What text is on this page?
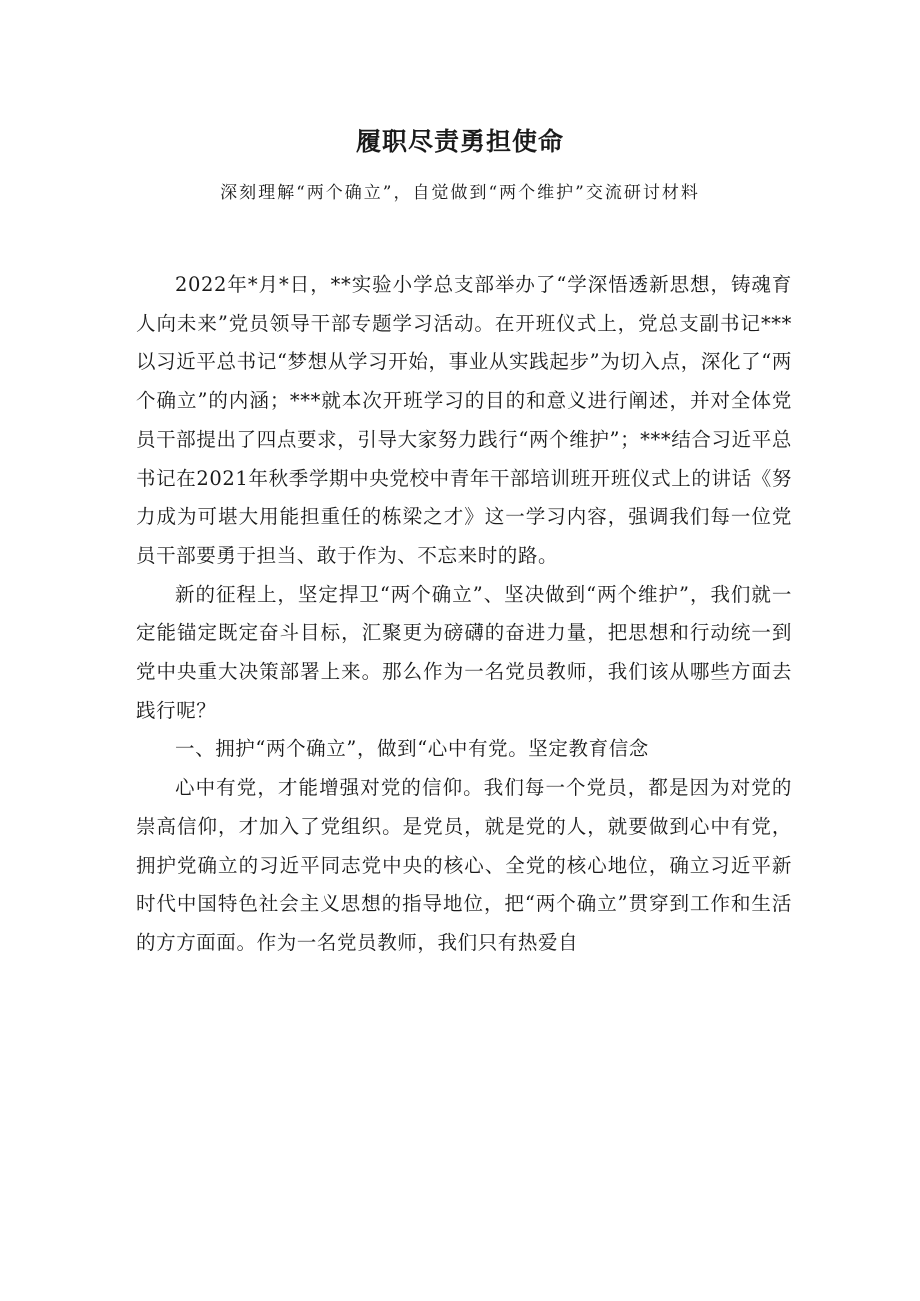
履职尽责勇担使命
深刻理解“两个确立”，自觉做到“两个维护”交流研讨材料

2022年*月*日，**实验小学总支部举办了“学深悟透新思想，铸魂育人向未来”党员领导干部专题学习活动。在开班仪式上，党总支副书记***以习近平总书记“梦想从学习开始，事业从实践起步”为切入点，深化了“两个确立”的内涵；***就本次开班学习的目的和意义进行阐述，并对全体党员干部提出了四点要求，引导大家努力践行“两个维护”；***结合习近平总书记在2021年秋季学期中央党校中青年干部培训班开班仪式上的讲话《努力成为可堪大用能担重任的栋梁之才》这一学习内容，强调我们每一位党员干部要勇于担当、敢于作为、不忘来时的路。

新的征程上，坚定捍卫“两个确立”、坚决做到“两个维护”，我们就一定能锚定既定奋斗目标，汇聚更为磅礴的奋进力量，把思想和行动统一到党中央重大决策部署上来。那么作为一名党员教师，我们该从哪些方面去践行呢？

一、拥护“两个确立”，做到“心中有党。坚定教育信念

心中有党，才能增强对党的信仰。我们每一个党员，都是因为对党的崇高信仰，才加入了党组织。是党员，就是党的人，就要做到心中有党，拥护党确立的习近平同志党中央的核心、全党的核心地位，确立习近平新时代中国特色社会主义思想的指导地位，把“两个确立”贯穿到工作和生活的方方面面。作为一名党员教师，我们只有热爱自
